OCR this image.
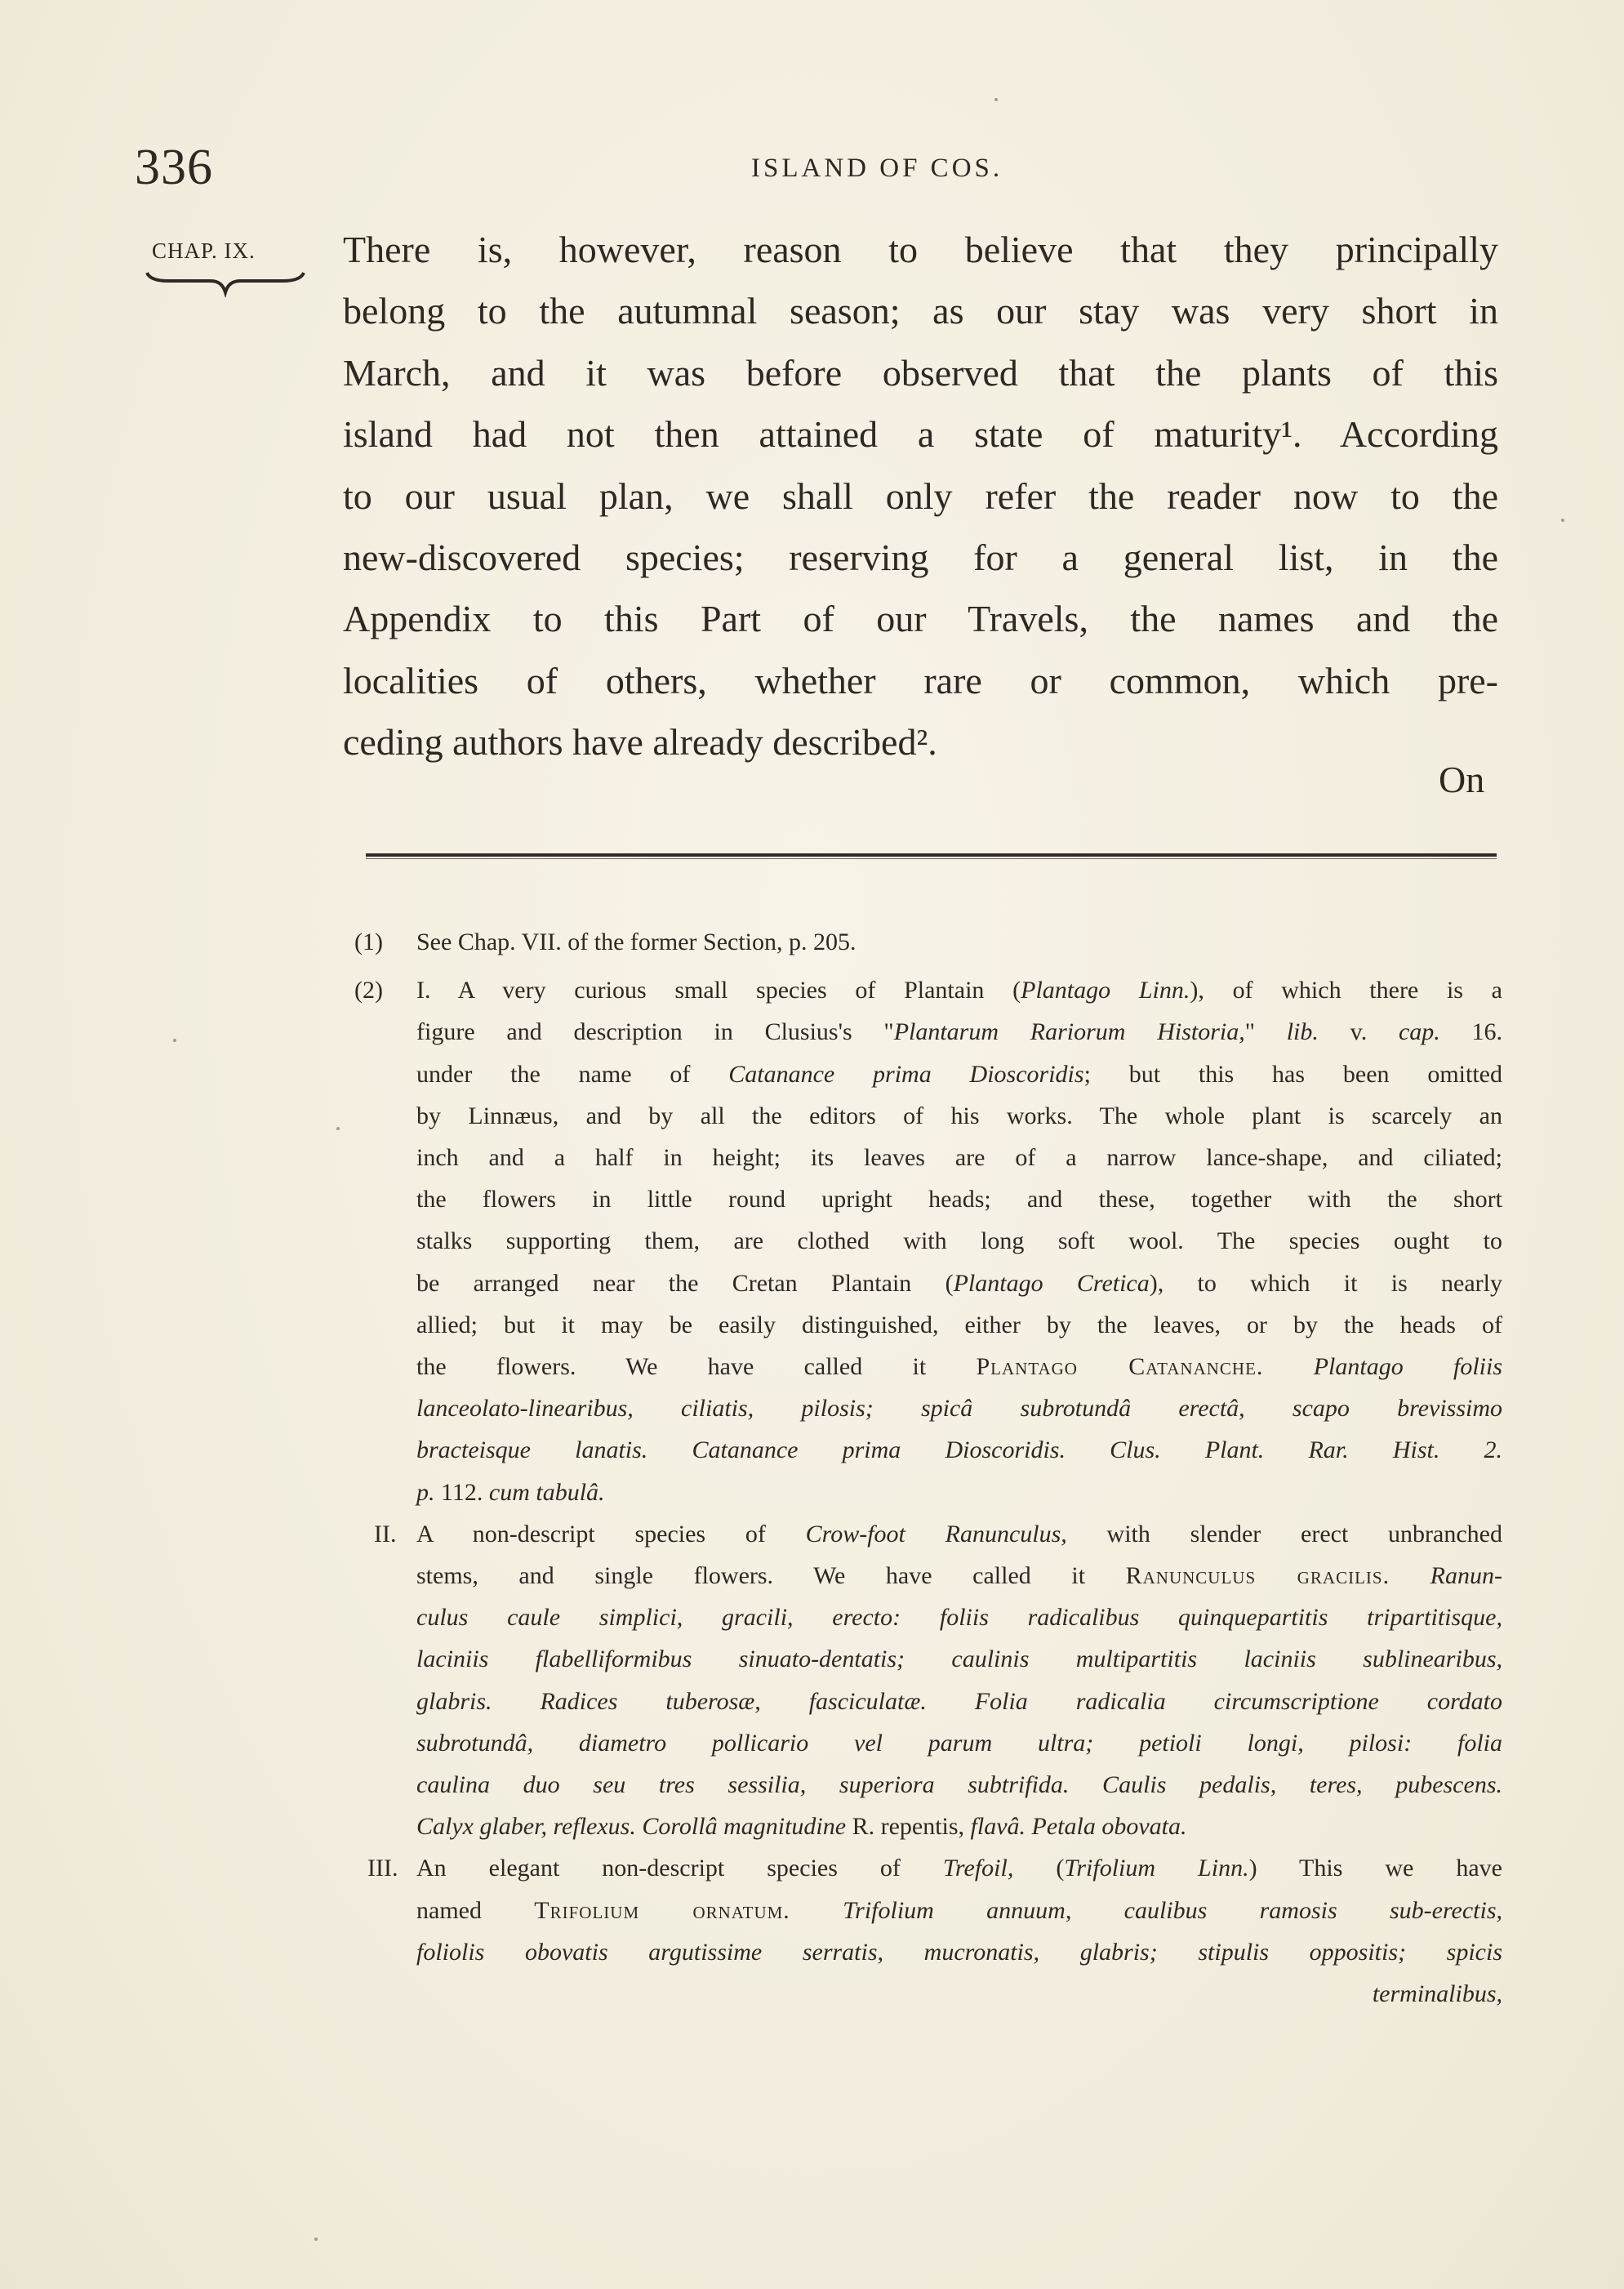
336	ISLAND OF COS.
CHAP. IX. There is, however, reason to believe that they principally
belong to the autumnal season; as our stay was very short in
March, and it was before observed that the plants of this
island had not then attained a state of maturity¹. According
to our usual plan, we shall only refer the reader now to the
new-discovered species; reserving for a general list, in the
Appendix to this Part of our Travels, the names and the
localities of others, whether rare or common, which pre-
ceding authors have already described².
On
(1) See Chap. VII. of the former Section, p. 205.
(2) I. A very curious small species of Plantain (Plantago Linn.), of which there is a
figure and description in Clusius's "Plantarum Rariorum Historia," lib. v. cap. 16.
under the name of Catanance prima Dioscoridis; but this has been omitted
by Linnæus, and by all the editors of his works. The whole plant is scarcely an
inch and a half in height; its leaves are of a narrow lance-shape, and ciliated;
the flowers in little round upright heads; and these, together with the short
stalks supporting them, are clothed with long soft wool. The species ought to
be arranged near the Cretan Plantain (Plantago Cretica), to which it is nearly
allied; but it may be easily distinguished, either by the leaves, or by the heads of
the flowers. We have called it Plantago Catananche. Plantago foliis
lanceolato-linearibus, ciliatis, pilosis; spicâ subrotundâ erectâ, scapo brevissimo
bracteisque lanatis. Catanance prima Dioscoridis. Clus. Plant. Rar. Hist. 2.
p. 112. cum tabulâ.
II. A non-descript species of Crow-foot Ranunculus, with slender erect unbranched
stems, and single flowers. We have called it Ranunculus gracilis. Ranun-
culus caule simplici, gracili, erecto: foliis radicalibus quinquepartitis tripartitisque,
laciniis flabelliformibus sinuato-dentatis; caulinis multipartitis laciniis sublinearibus,
glabris. Radices tuberosæ, fasciculatæ. Folia radicalia circumscriptione cordato
subrotundâ, diametro pollicario vel parum ultra; petioli longi, pilosi: folia
caulina duo seu tres sessilia, superiora subtrifida. Caulis pedalis, teres, pubescens.
Calyx glaber, reflexus. Corollâ magnitudine R. repentis, flavâ. Petala obovata.
III. An elegant non-descript species of Trefoil, (Trifolium Linn.) This we have
named Trifolium ornatum. Trifolium annuum, caulibus ramosis sub-erectis,
foliolis obovatis argutissime serratis, mucronatis, glabris; stipulis oppositis; spicis
terminalibus,
